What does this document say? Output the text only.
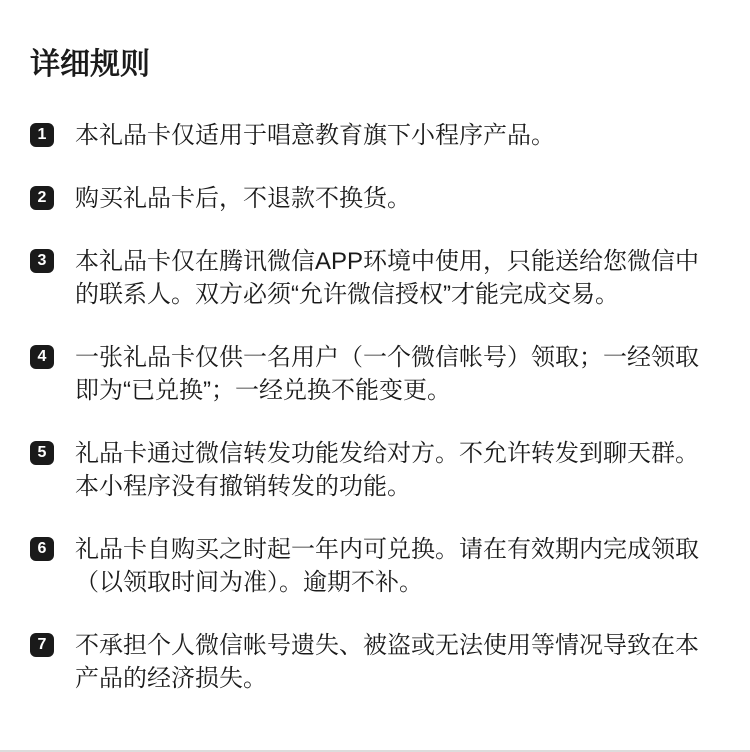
详细规则
1	本礼品卡仅适用于唱意教育旗下小程序产品。
2	购买礼品卡后，不退款不换货。
3	本礼品卡仅在腾讯微信APP环境中使用，只能送给您微信中
的联系人。双方必须“允许微信授权”才能完成交易。
4	一张礼品卡仅供一名用户（一个微信帐号）领取；一经领取
即为“已兑换”；一经兑换不能变更。
5	礼品卡通过微信转发功能发给对方。不允许转发到聊天群。
本小程序没有撤销转发的功能。
6	礼品卡自购买之时起一年内可兑换。请在有效期内完成领取
（以领取时间为准）。逾期不补。
7	不承担个人微信帐号遗失、被盗或无法使用等情况导致在本
产品的经济损失。
